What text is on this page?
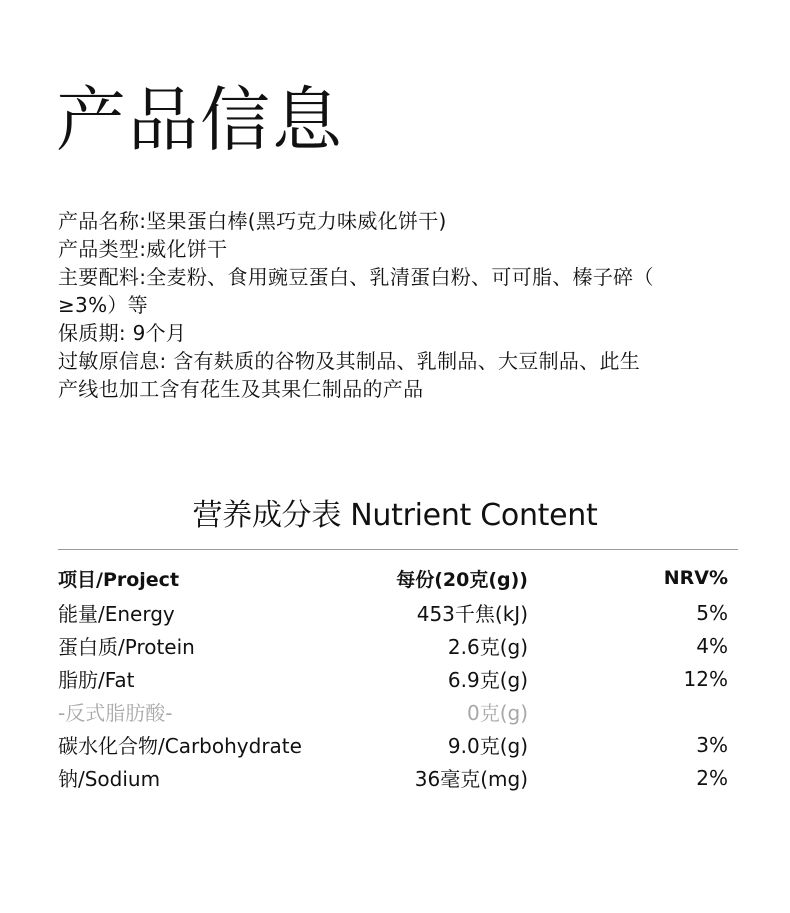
产品信息

产品名称:坚果蛋白棒(黑巧克力味威化饼干)

产品类型:威化饼干

主要配料:全麦粉、食用豌豆蛋白、乳清蛋白粉、可可脂、榛子碎（

≥3%）等

保质期: 9个月

过敏原信息: 含有麸质的谷物及其制品、乳制品、大豆制品、此生

产线也加工含有花生及其果仁制品的产品

营养成分表 Nutrient Content
项目/Project	每份(20克(g))	NRV%
能量/Energy	453千焦(kJ)	5%
蛋白质/Protein	2.6克(g)	4%
脂肪/Fat	6.9克(g)	12%
-反式脂肪酸-	0克(g)	
碳水化合物/Carbohydrate	9.0克(g)	3%
钠/Sodium	36毫克(mg)	2%
